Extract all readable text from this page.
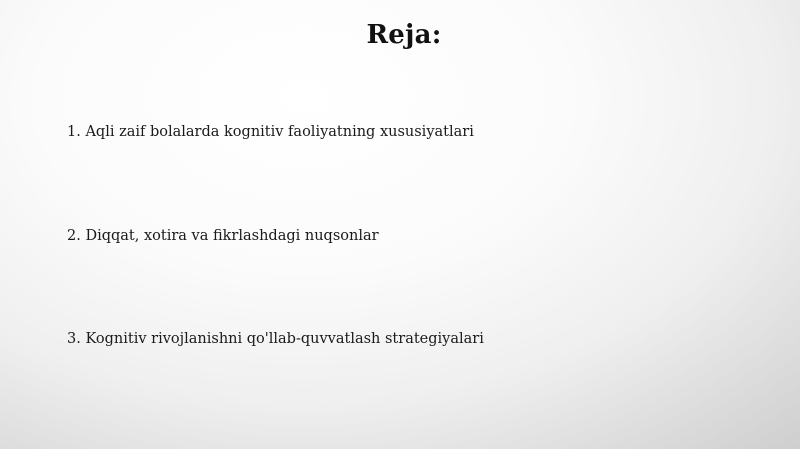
Reja:
1. Aqli zaif bolalarda kognitiv faoliyatning xususiyatlari
2. Diqqat, xotira va fikrlashdagi nuqsonlar
3. Kognitiv rivojlanishni qo'llab-quvvatlash strategiyalari
